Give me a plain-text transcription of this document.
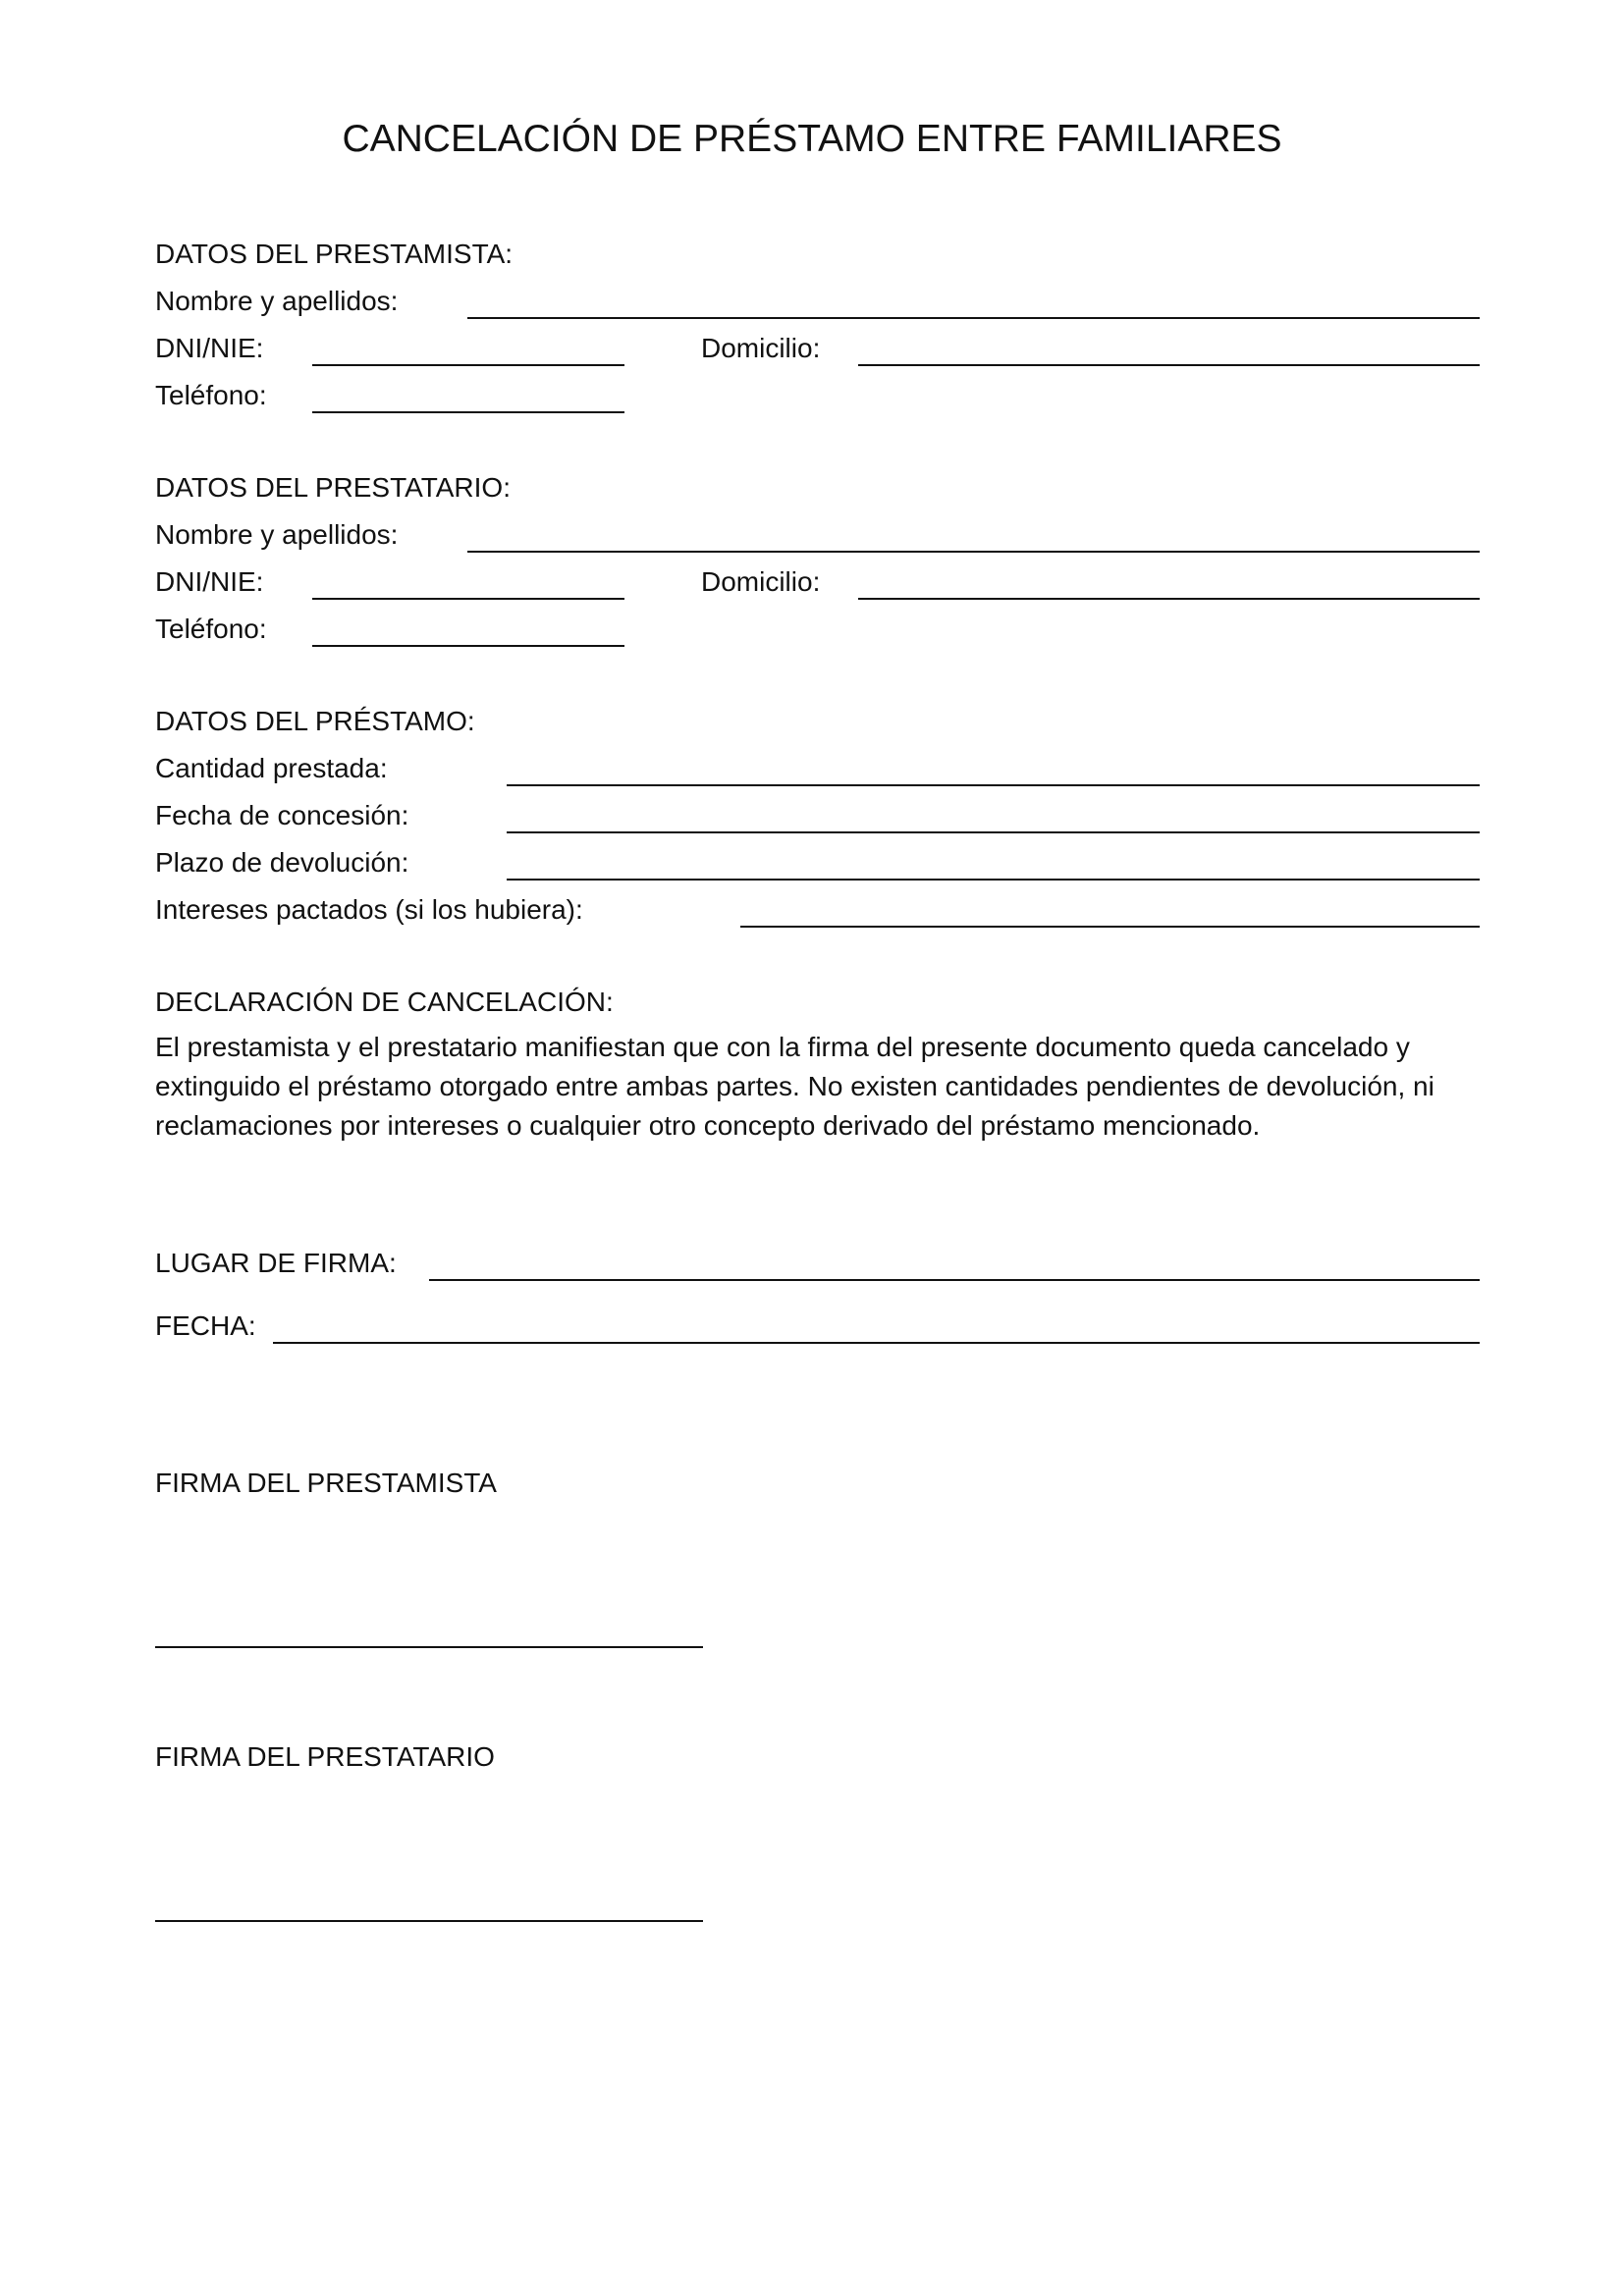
CANCELACIÓN DE PRÉSTAMO ENTRE FAMILIARES
DATOS DEL PRESTAMISTA:
Nombre y apellidos:
DNI/NIE:	Domicilio:
Teléfono:
DATOS DEL PRESTATARIO:
Nombre y apellidos:
DNI/NIE:	Domicilio:
Teléfono:
DATOS DEL PRÉSTAMO:
Cantidad prestada:
Fecha de concesión:
Plazo de devolución:
Intereses pactados (si los hubiera):
DECLARACIÓN DE CANCELACIÓN:
El prestamista y el prestatario manifiestan que con la firma del presente documento queda cancelado y extinguido el préstamo otorgado entre ambas partes. No existen cantidades pendientes de devolución, ni reclamaciones por intereses o cualquier otro concepto derivado del préstamo mencionado.
LUGAR DE FIRMA:
FECHA:
FIRMA DEL PRESTAMISTA
FIRMA DEL PRESTATARIO
